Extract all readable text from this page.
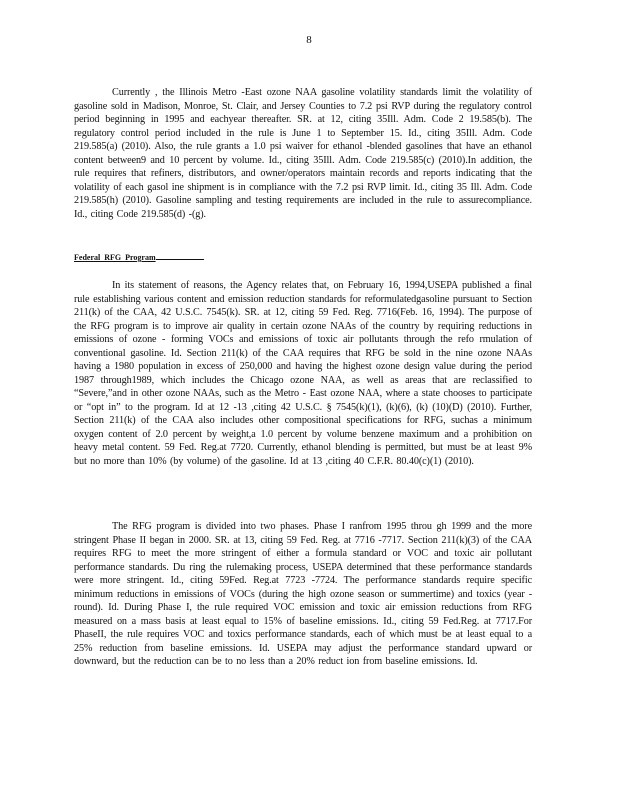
8

Currently , the Illinois Metro -East ozone NAA gasoline volatility standards limit the volatility of gasoline sold in Madison, Monroe, St. Clair, and Jersey Counties to 7.2 psi RVP during the regulatory control period beginning in 1995 and eachyear thereafter. SR. at 12, citing 35Ill. Adm. Code 2 19.585(b). The regulatory control period included in the rule is June 1 to September 15. Id., citing 35Ill. Adm. Code 219.585(a) (2010). Also, the rule grants a 1.0 psi waiver for ethanol -blended gasolines that have an ethanol content between9 and 10 percent by volume. Id., citing 35Ill. Adm. Code 219.585(c) (2010).In addition, the rule requires that refiners, distributors, and owner/operators maintain records and reports indicating that the volatility of each gasol ine shipment is in compliance with the 7.2 psi RVP limit. Id., citing 35 Ill. Adm. Code 219.585(h) (2010). Gasoline sampling and testing requirements are included in the rule to assurecompliance. Id., citing Code 219.585(d) -(g).

Federal RFG Program

In its statement of reasons, the Agency relates that, on February 16, 1994,USEPA published a final rule establishing various content and emission reduction standards for reformulatedgasoline pursuant to Section 211(k) of the CAA, 42 U.S.C. 7545(k). SR. at 12, citing 59 Fed. Reg. 7716(Feb. 16, 1994). The purpose of the RFG program is to improve air quality in certain ozone NAAs of the country by requiring reductions in emissions of ozone - forming VOCs and emissions of toxic air pollutants through the refo rmulation of conventional gasoline. Id. Section 211(k) of the CAA requires that RFG be sold in the nine ozone NAAs having a 1980 population in excess of 250,000 and having the highest ozone design value during the period 1987 through1989, which includes the Chicago ozone NAA, as well as areas that are reclassified to “Severe,”and in other ozone NAAs, such as the Metro - East ozone NAA, where a state chooses to participate or “opt in” to the program. Id at 12 -13 ,citing 42 U.S.C. § 7545(k)(1), (k)(6), (k) (10)(D) (2010). Further, Section 211(k) of the CAA also includes other compositional specifications for RFG, suchas a minimum oxygen content of 2.0 percent by weight,a 1.0 percent by volume benzene maximum and a prohibition on heavy metal content. 59 Fed. Reg.at 7720. Currently, ethanol blending is permitted, but must be at least 9% but no more than 10% (by volume) of the gasoline. Id at 13 ,citing 40 C.F.R. 80.40(c)(1) (2010).

The RFG program is divided into two phases. Phase I ranfrom 1995 throu gh 1999 and the more stringent Phase II began in 2000. SR. at 13, citing 59 Fed. Reg. at 7716 -7717. Section 211(k)(3) of the CAA requires RFG to meet the more stringent of either a formula standard or VOC and toxic air pollutant performance standards. Du ring the rulemaking process, USEPA determined that these performance standards were more stringent. Id., citing 59Fed. Reg.at 7723 -7724. The performance standards require specific minimum reductions in emissions of VOCs (during the high ozone season or summertime) and toxics (year - round). Id. During Phase I, the rule required VOC emission and toxic air emission reductions from RFG measured on a mass basis at least equal to 15% of baseline emissions. Id., citing 59 Fed.Reg. at 7717.For PhaseII, the rule requires VOC and toxics performance standards, each of which must be at least equal to a 25% reduction from baseline emissions. Id. USEPA may adjust the performance standard upward or downward, but the reduction can be to no less than a 20% reduct ion from baseline emissions. Id.
